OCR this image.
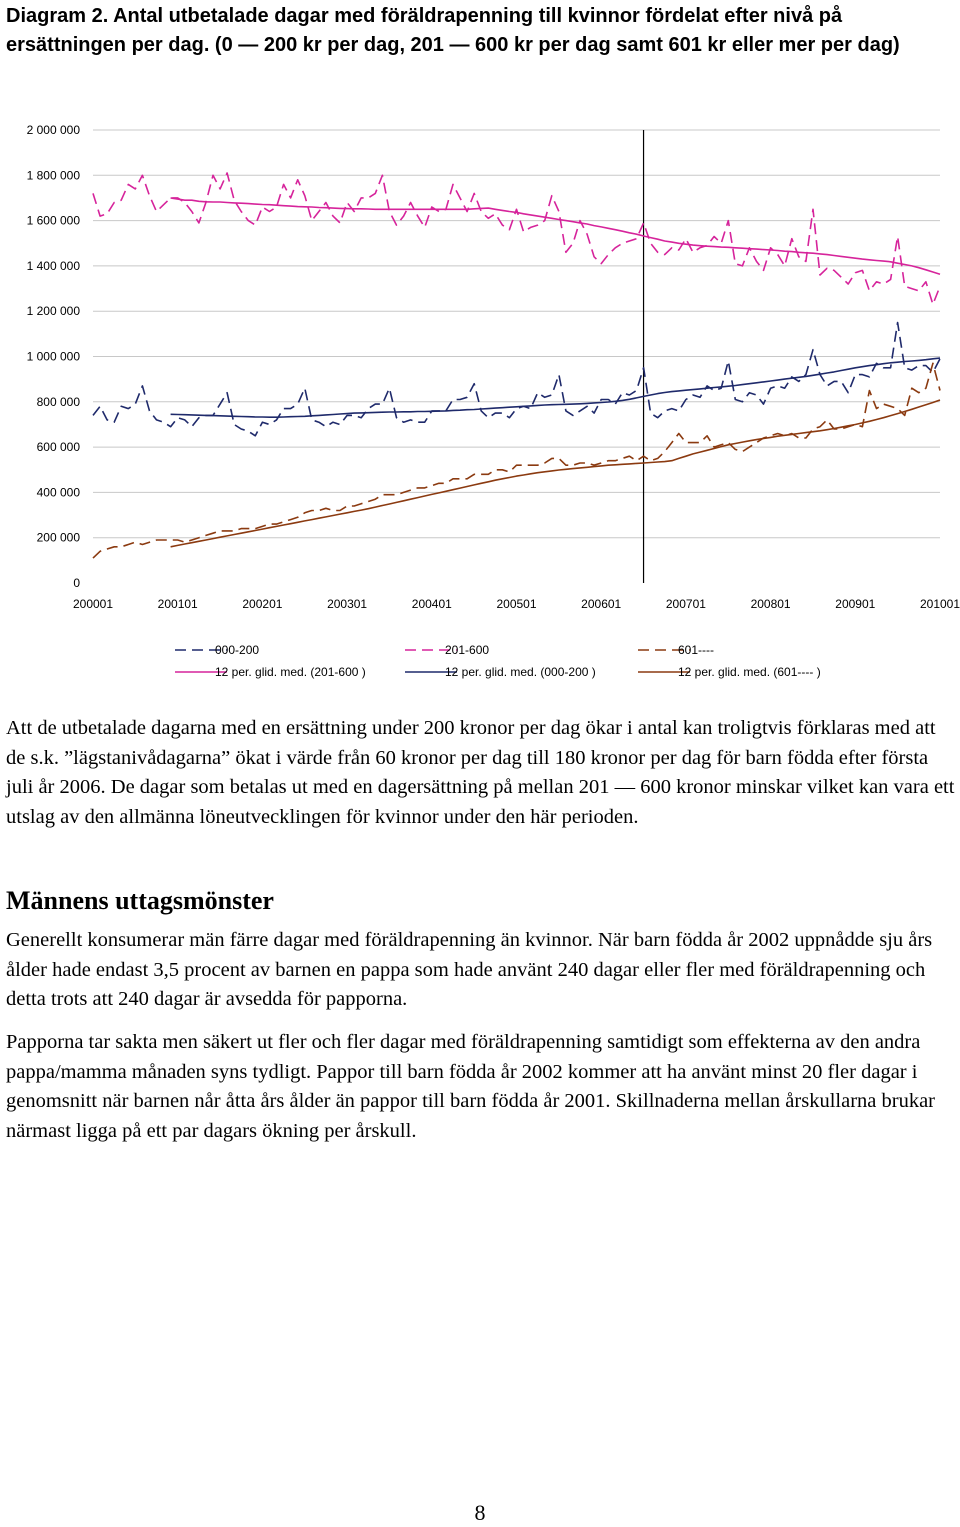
Diagram 2. Antal utbetalade dagar med föräldrapenning till kvinnor fördelat efter nivå på ersättningen per dag. (0 — 200 kr per dag, 201 — 600 kr per dag samt 601 kr eller mer per dag)

0
200 000
400 000
600 000
800 000
1 000 000
1 200 000
1 400 000
1 600 000
1 800 000
2 000 000
200001	200101	200201	200301	200401	200501	200601	200701	200801	200901	201001
000-200	201-600	601----
12 per. glid. med. (201-600 )	12 per. glid. med. (000-200 )	12 per. glid. med. (601---- )

Att de utbetalade dagarna med en ersättning under 200 kronor per dag ökar i antal kan troligtvis förklaras med att de s.k. ”lägstanivådagarna” ökat i värde från 60 kronor per dag till 180 kronor per dag för barn födda efter första juli år 2006. De dagar som betalas ut med en dagersättning på mellan 201 — 600 kronor minskar vilket kan vara ett utslag av den allmänna löneutvecklingen för kvinnor under den här perioden.

Männens uttagsmönster

Generellt konsumerar män färre dagar med föräldrapenning än kvinnor. När barn födda år 2002 uppnådde sju års ålder hade endast 3,5 procent av barnen en pappa som hade använt 240 dagar eller fler med föräldrapenning och detta trots att 240 dagar är avsedda för papporna.

Papporna tar sakta men säkert ut fler och fler dagar med föräldrapenning samtidigt som effekterna av den andra pappa/mamma månaden syns tydligt. Pappor till barn födda år 2002 kommer att ha använt minst 20 fler dagar i genomsnitt när barnen når åtta års ålder än pappor till barn födda år 2001. Skillnaderna mellan årskullarna brukar närmast ligga på ett par dagars ökning per årskull.

8
